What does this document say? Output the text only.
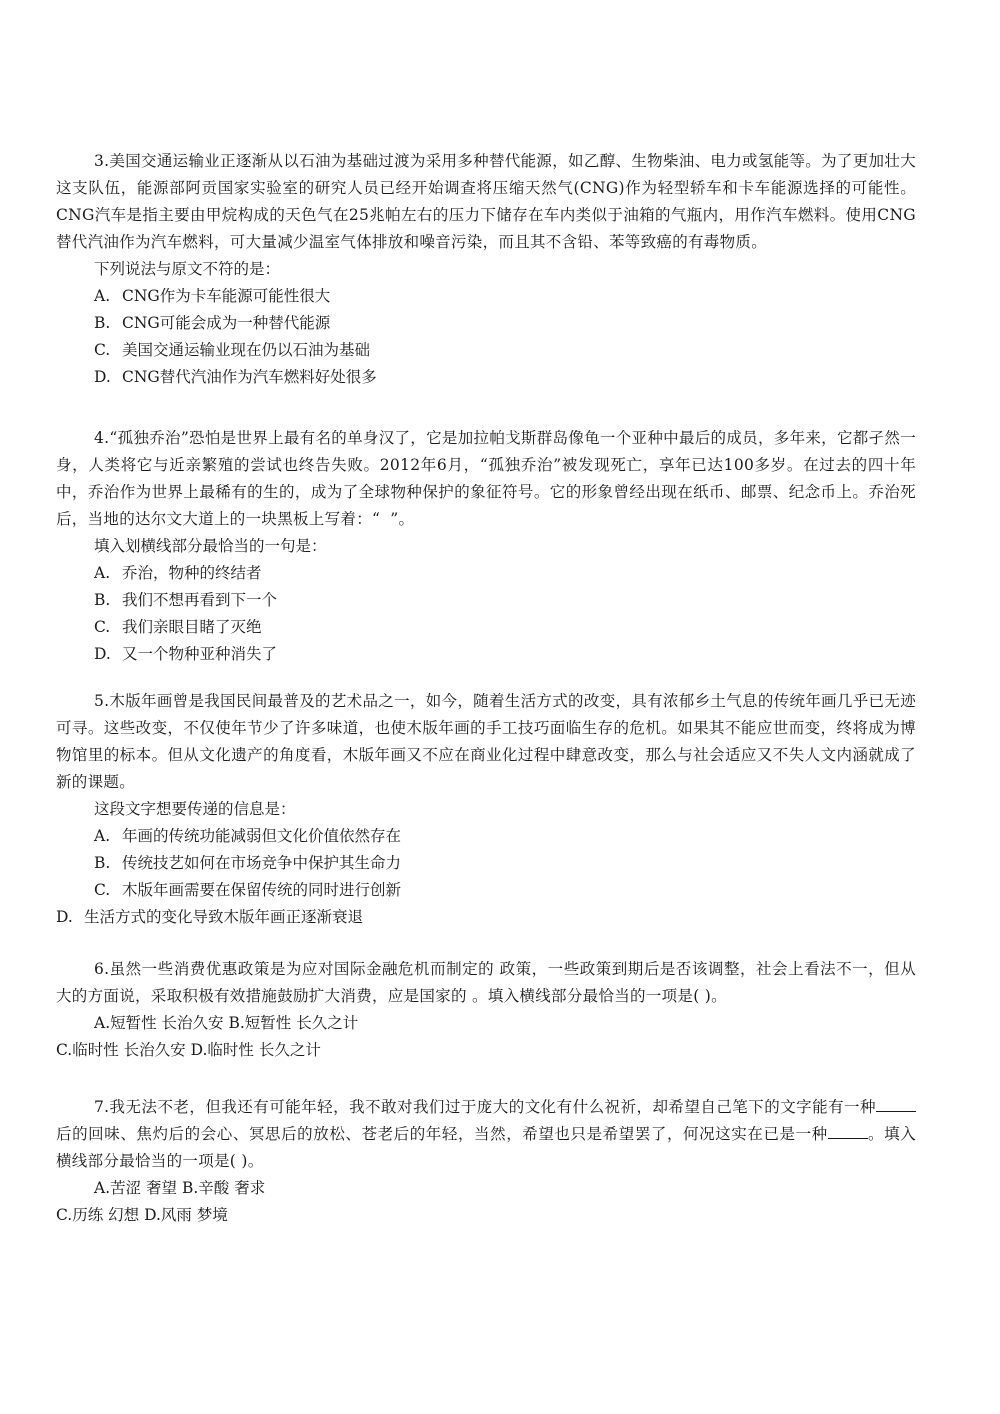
3.美国交通运输业正逐渐从以石油为基础过渡为采用多种替代能源，如乙醇、生物柴油、电力或氢能等。为了更加壮大这支队伍，能源部阿贡国家实验室的研究人员已经开始调查将压缩天然气(CNG)作为轻型轿车和卡车能源选择的可能性。CNG汽车是指主要由甲烷构成的天色气在25兆帕左右的压力下储存在车内类似于油箱的气瓶内，用作汽车燃料。使用CNG替代汽油作为汽车燃料，可大量减少温室气体排放和噪音污染，而且其不含铅、苯等致癌的有毒物质。

下列说法与原文不符的是：

A. CNG作为卡车能源可能性很大

B. CNG可能会成为一种替代能源

C. 美国交通运输业现在仍以石油为基础

D. CNG替代汽油作为汽车燃料好处很多

4.“孤独乔治”恐怕是世界上最有名的单身汉了，它是加拉帕戈斯群岛像龟一个亚种中最后的成员，多年来，它都孑然一身，人类将它与近亲繁殖的尝试也终告失败。2012年6月，“孤独乔治”被发现死亡，享年已达100多岁。在过去的四十年中，乔治作为世界上最稀有的生的，成为了全球物种保护的象征符号。它的形象曾经出现在纸币、邮票、纪念币上。乔治死后，当地的达尔文大道上的一块黑板上写着：“ ”。

填入划横线部分最恰当的一句是：

A. 乔治，物种的终结者

B. 我们不想再看到下一个

C. 我们亲眼目睹了灭绝

D. 又一个物种亚种消失了

5.木版年画曾是我国民间最普及的艺术品之一，如今，随着生活方式的改变，具有浓郁乡土气息的传统年画几乎已无迹可寻。这些改变，不仅使年节少了许多味道，也使木版年画的手工技巧面临生存的危机。如果其不能应世而变，终将成为博物馆里的标本。但从文化遗产的角度看，木版年画又不应在商业化过程中肆意改变，那么与社会适应又不失人文内涵就成了新的课题。

这段文字想要传递的信息是：

A. 年画的传统功能减弱但文化价值依然存在

B. 传统技艺如何在市场竞争中保护其生命力

C. 木版年画需要在保留传统的同时进行创新

D. 生活方式的变化导致木版年画正逐渐衰退

6.虽然一些消费优惠政策是为应对国际金融危机而制定的 政策，一些政策到期后是否该调整，社会上看法不一，但从大的方面说，采取积极有效措施鼓励扩大消费，应是国家的 。填入横线部分最恰当的一项是( )。

A.短暂性 长治久安 B.短暂性 长久之计

C.临时性 长治久安 D.临时性 长久之计

7.我无法不老，但我还有可能年轻，我不敢对我们过于庞大的文化有什么祝祈，却希望自己笔下的文字能有一种后的回味、焦灼后的会心、冥思后的放松、苍老后的年轻，当然，希望也只是希望罢了，何况这实在已是一种	。填入横线部分最恰当的一项是( )。

A.苦涩 奢望 B.辛酸 奢求

C.历练 幻想 D.风雨 梦境
